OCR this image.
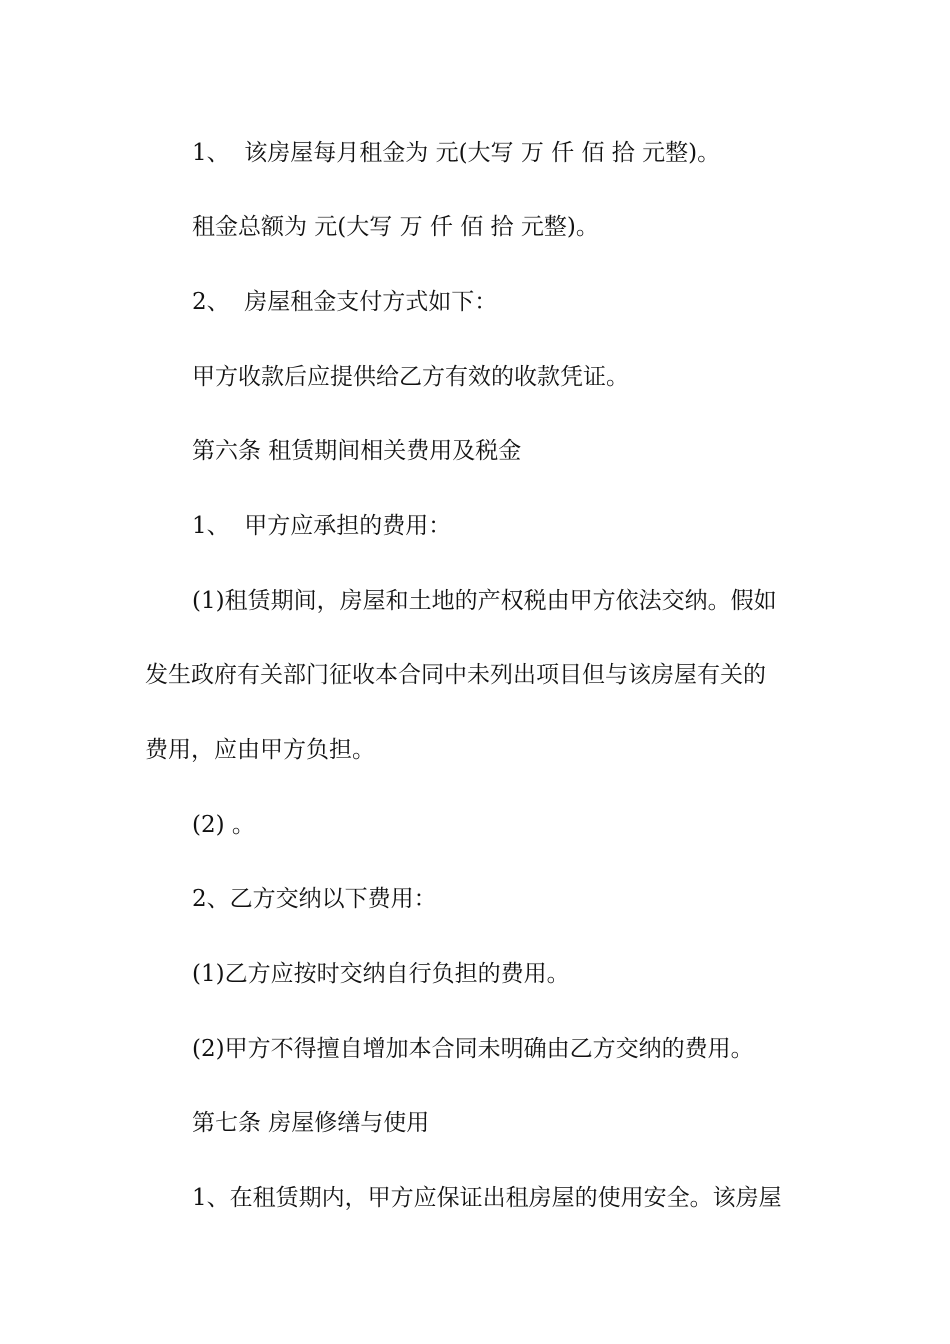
1、  该房屋每月租金为 元(大写 万 仟 佰 拾 元整)。

租金总额为 元(大写 万 仟 佰 拾 元整)。

2、  房屋租金支付方式如下：

甲方收款后应提供给乙方有效的收款凭证。

第六条 租赁期间相关费用及税金

1、  甲方应承担的费用：

(1)租赁期间，房屋和土地的产权税由甲方依法交纳。假如

发生政府有关部门征收本合同中未列出项目但与该房屋有关的

费用，应由甲方负担。

(2) 。

2、乙方交纳以下费用：

(1)乙方应按时交纳自行负担的费用。

(2)甲方不得擅自增加本合同未明确由乙方交纳的费用。

第七条 房屋修缮与使用

1、在租赁期内，甲方应保证出租房屋的使用安全。该房屋
